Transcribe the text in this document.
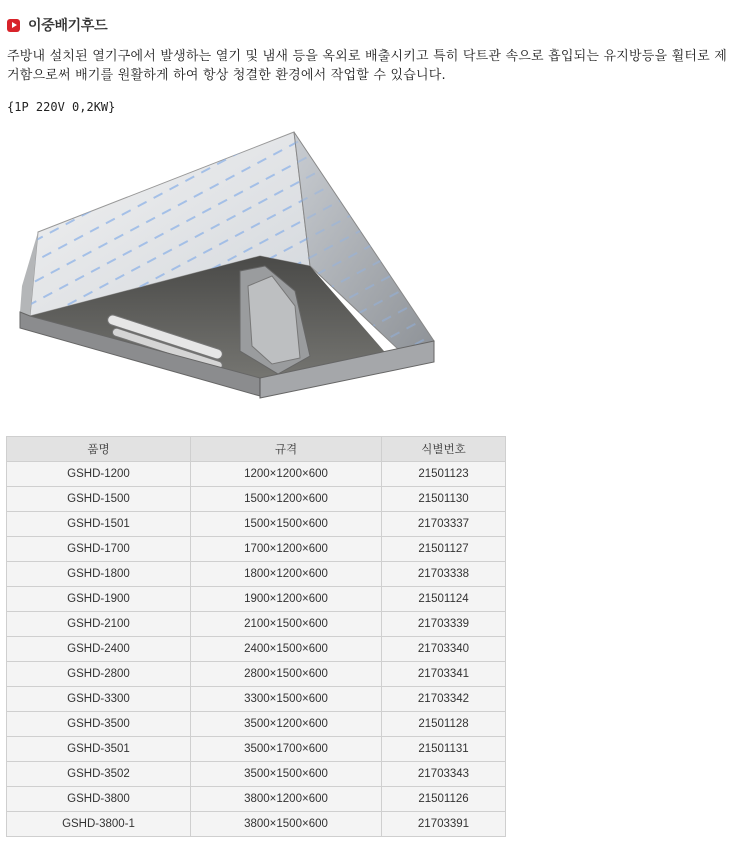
이중배기후드

주방내 설치된 열기구에서 발생하는 열기 및 냄새 등을 옥외로 배출시키고 특히 닥트관 속으로 흡입되는 유지방등을 휠터로 제거함으로써 배기를 원활하게 하여 항상 청결한 환경에서 작업할 수 있습니다.

{1P 220V 0,2KW}
품명	규격	식별번호
GSHD-1200	1200×1200×600	21501123
GSHD-1500	1500×1200×600	21501130
GSHD-1501	1500×1500×600	21703337
GSHD-1700	1700×1200×600	21501127
GSHD-1800	1800×1200×600	21703338
GSHD-1900	1900×1200×600	21501124
GSHD-2100	2100×1500×600	21703339
GSHD-2400	2400×1500×600	21703340
GSHD-2800	2800×1500×600	21703341
GSHD-3300	3300×1500×600	21703342
GSHD-3500	3500×1200×600	21501128
GSHD-3501	3500×1700×600	21501131
GSHD-3502	3500×1500×600	21703343
GSHD-3800	3800×1200×600	21501126
GSHD-3800-1	3800×1500×600	21703391
